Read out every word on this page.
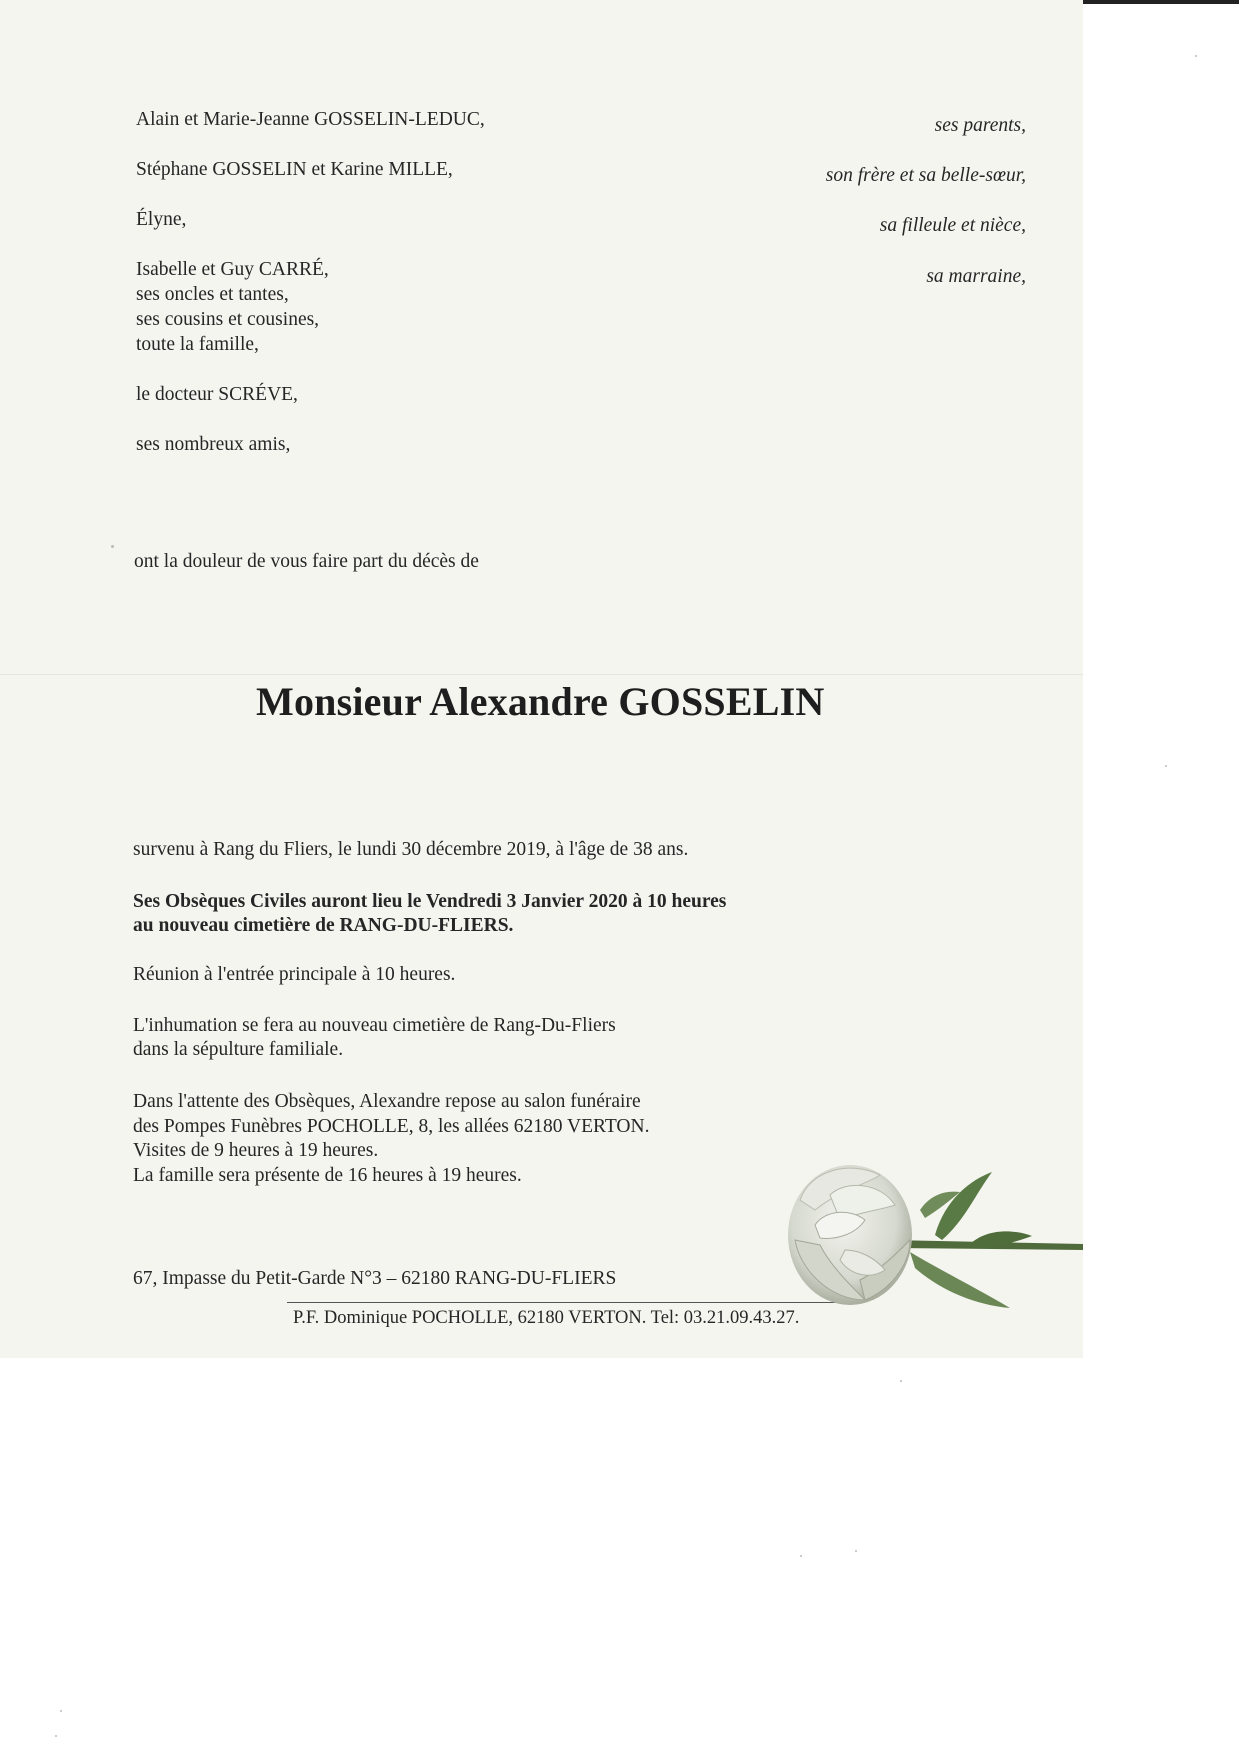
Alain et Marie-Jeanne GOSSELIN-LEDUC,

Stéphane GOSSELIN et Karine MILLE,

Élyne,

Isabelle et Guy CARRÉ,

ses oncles et tantes,

ses cousins et cousines,

toute la famille,

le docteur SCRÉVE,

ses nombreux amis,

ses parents,

son frère et sa belle-sœur,

sa filleule et nièce,

sa marraine,

ont la douleur de vous faire part du décès de

Monsieur Alexandre GOSSELIN

survenu à Rang du Fliers, le lundi 30 décembre 2019, à l'âge de 38 ans.

Ses Obsèques Civiles auront lieu le Vendredi 3 Janvier 2020 à 10 heures

au nouveau cimetière de RANG-DU-FLIERS.

Réunion à l'entrée principale à 10 heures.

L'inhumation se fera au nouveau cimetière de Rang-Du-Fliers

dans la sépulture familiale.

Dans l'attente des Obsèques, Alexandre repose au salon funéraire

des Pompes Funèbres POCHOLLE, 8, les allées 62180 VERTON.

Visites de 9 heures à 19 heures.

La famille sera présente de 16 heures à 19 heures.

67, Impasse du Petit-Garde N°3 – 62180 RANG-DU-FLIERS

P.F. Dominique POCHOLLE, 62180 VERTON. Tel: 03.21.09.43.27.
